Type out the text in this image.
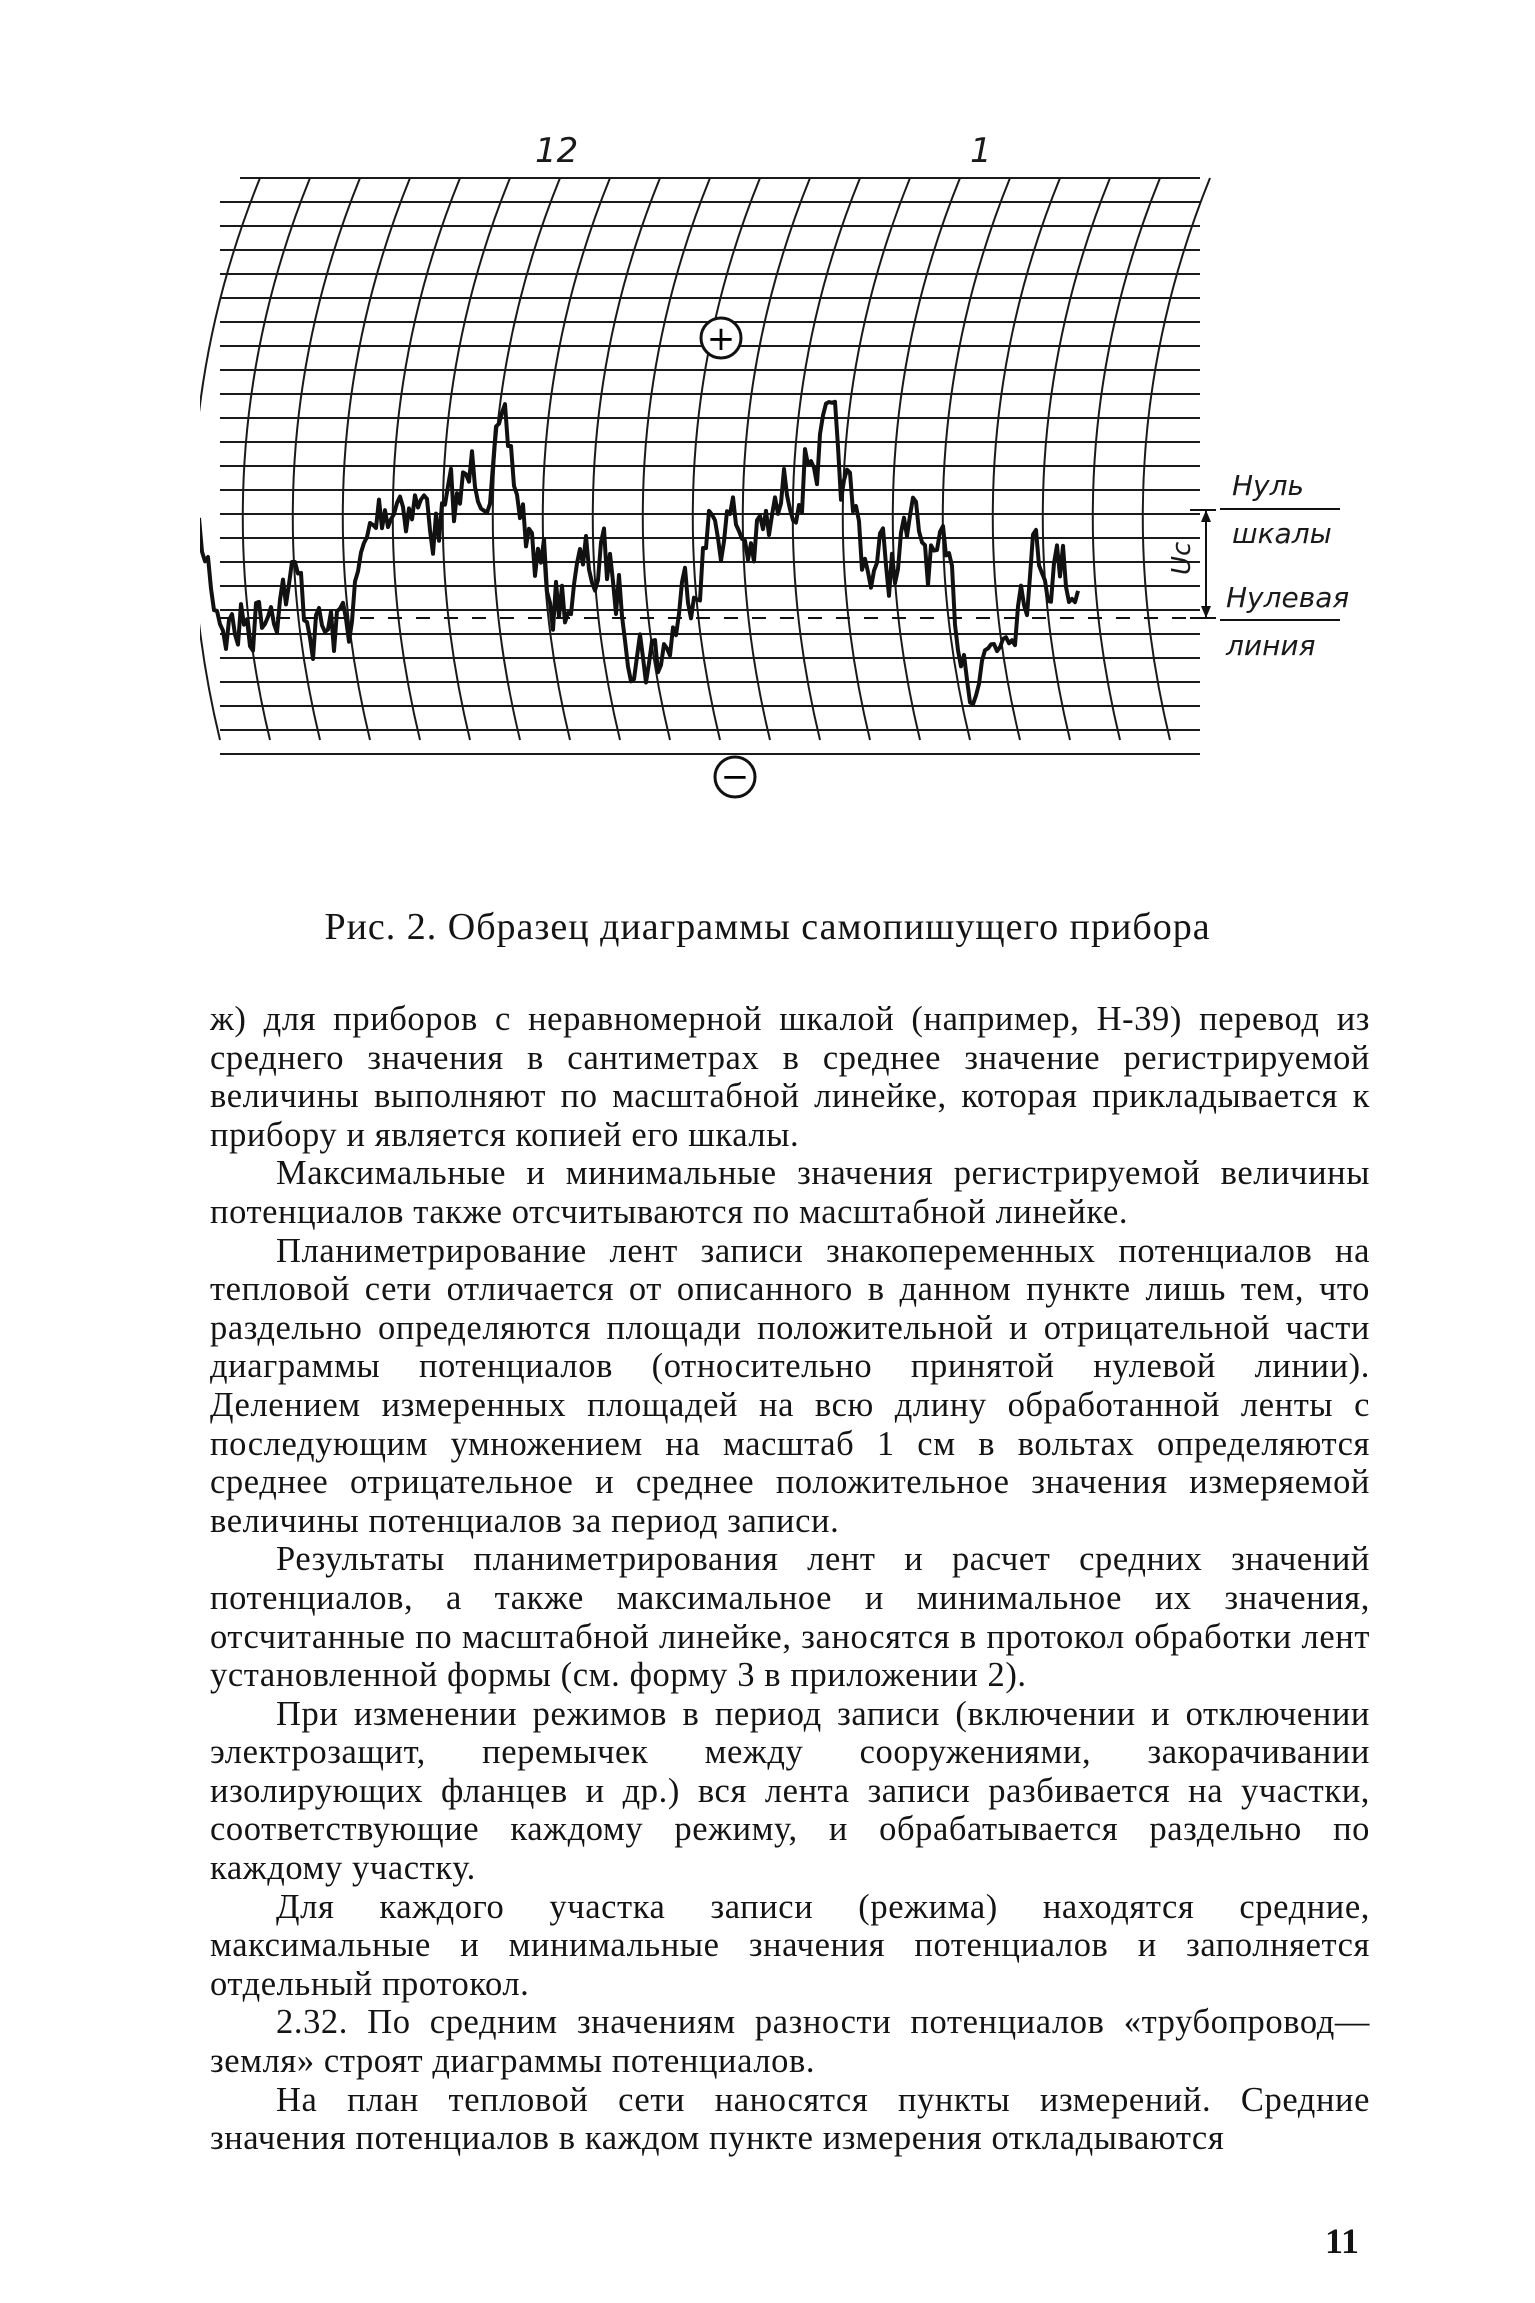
12	1
+
−
Uc
Нуль
шкалы
Нулевая
линия
Рис. 2. Образец диаграммы самопишущего прибора

ж) для приборов с неравномерной шкалой (например, Н-39) перевод из среднего значения в сантиметрах в среднее значение регистрируемой величины выполняют по масштабной линейке, которая прикладывается к прибору и является копией его шкалы.

Максимальные и минимальные значения регистрируемой величины потенциалов также отсчитываются по масштабной линейке.

Планиметрирование лент записи знакопеременных потенциалов на тепловой сети отличается от описанного в данном пункте лишь тем, что раздельно определяются площади положительной и отрицательной части диаграммы потенциалов (относительно принятой нулевой линии). Делением измеренных площадей на всю длину обработанной ленты с последующим умножением на масштаб 1 см в вольтах определяются среднее отрицательное и среднее положительное значения измеряемой величины потенциалов за период записи.

Результаты планиметрирования лент и расчет средних значений потенциалов, а также максимальное и минимальное их значения, отсчитанные по масштабной линейке, заносятся в протокол обработки лент установленной формы (см. форму 3 в приложении 2).

При изменении режимов в период записи (включении и отключении электрозащит, перемычек между сооружениями, закорачивании изолирующих фланцев и др.) вся лента записи разбивается на участки, соответствующие каждому режиму, и обрабатывается раздельно по каждому участку.

Для каждого участка записи (режима) находятся средние, максимальные и минимальные значения потенциалов и заполняется отдельный протокол.

2.32. По средним значениям разности потенциалов «трубопровод—земля» строят диаграммы потенциалов.

На план тепловой сети наносятся пункты измерений. Средние значения потенциалов в каждом пункте измерения откладываются

11
